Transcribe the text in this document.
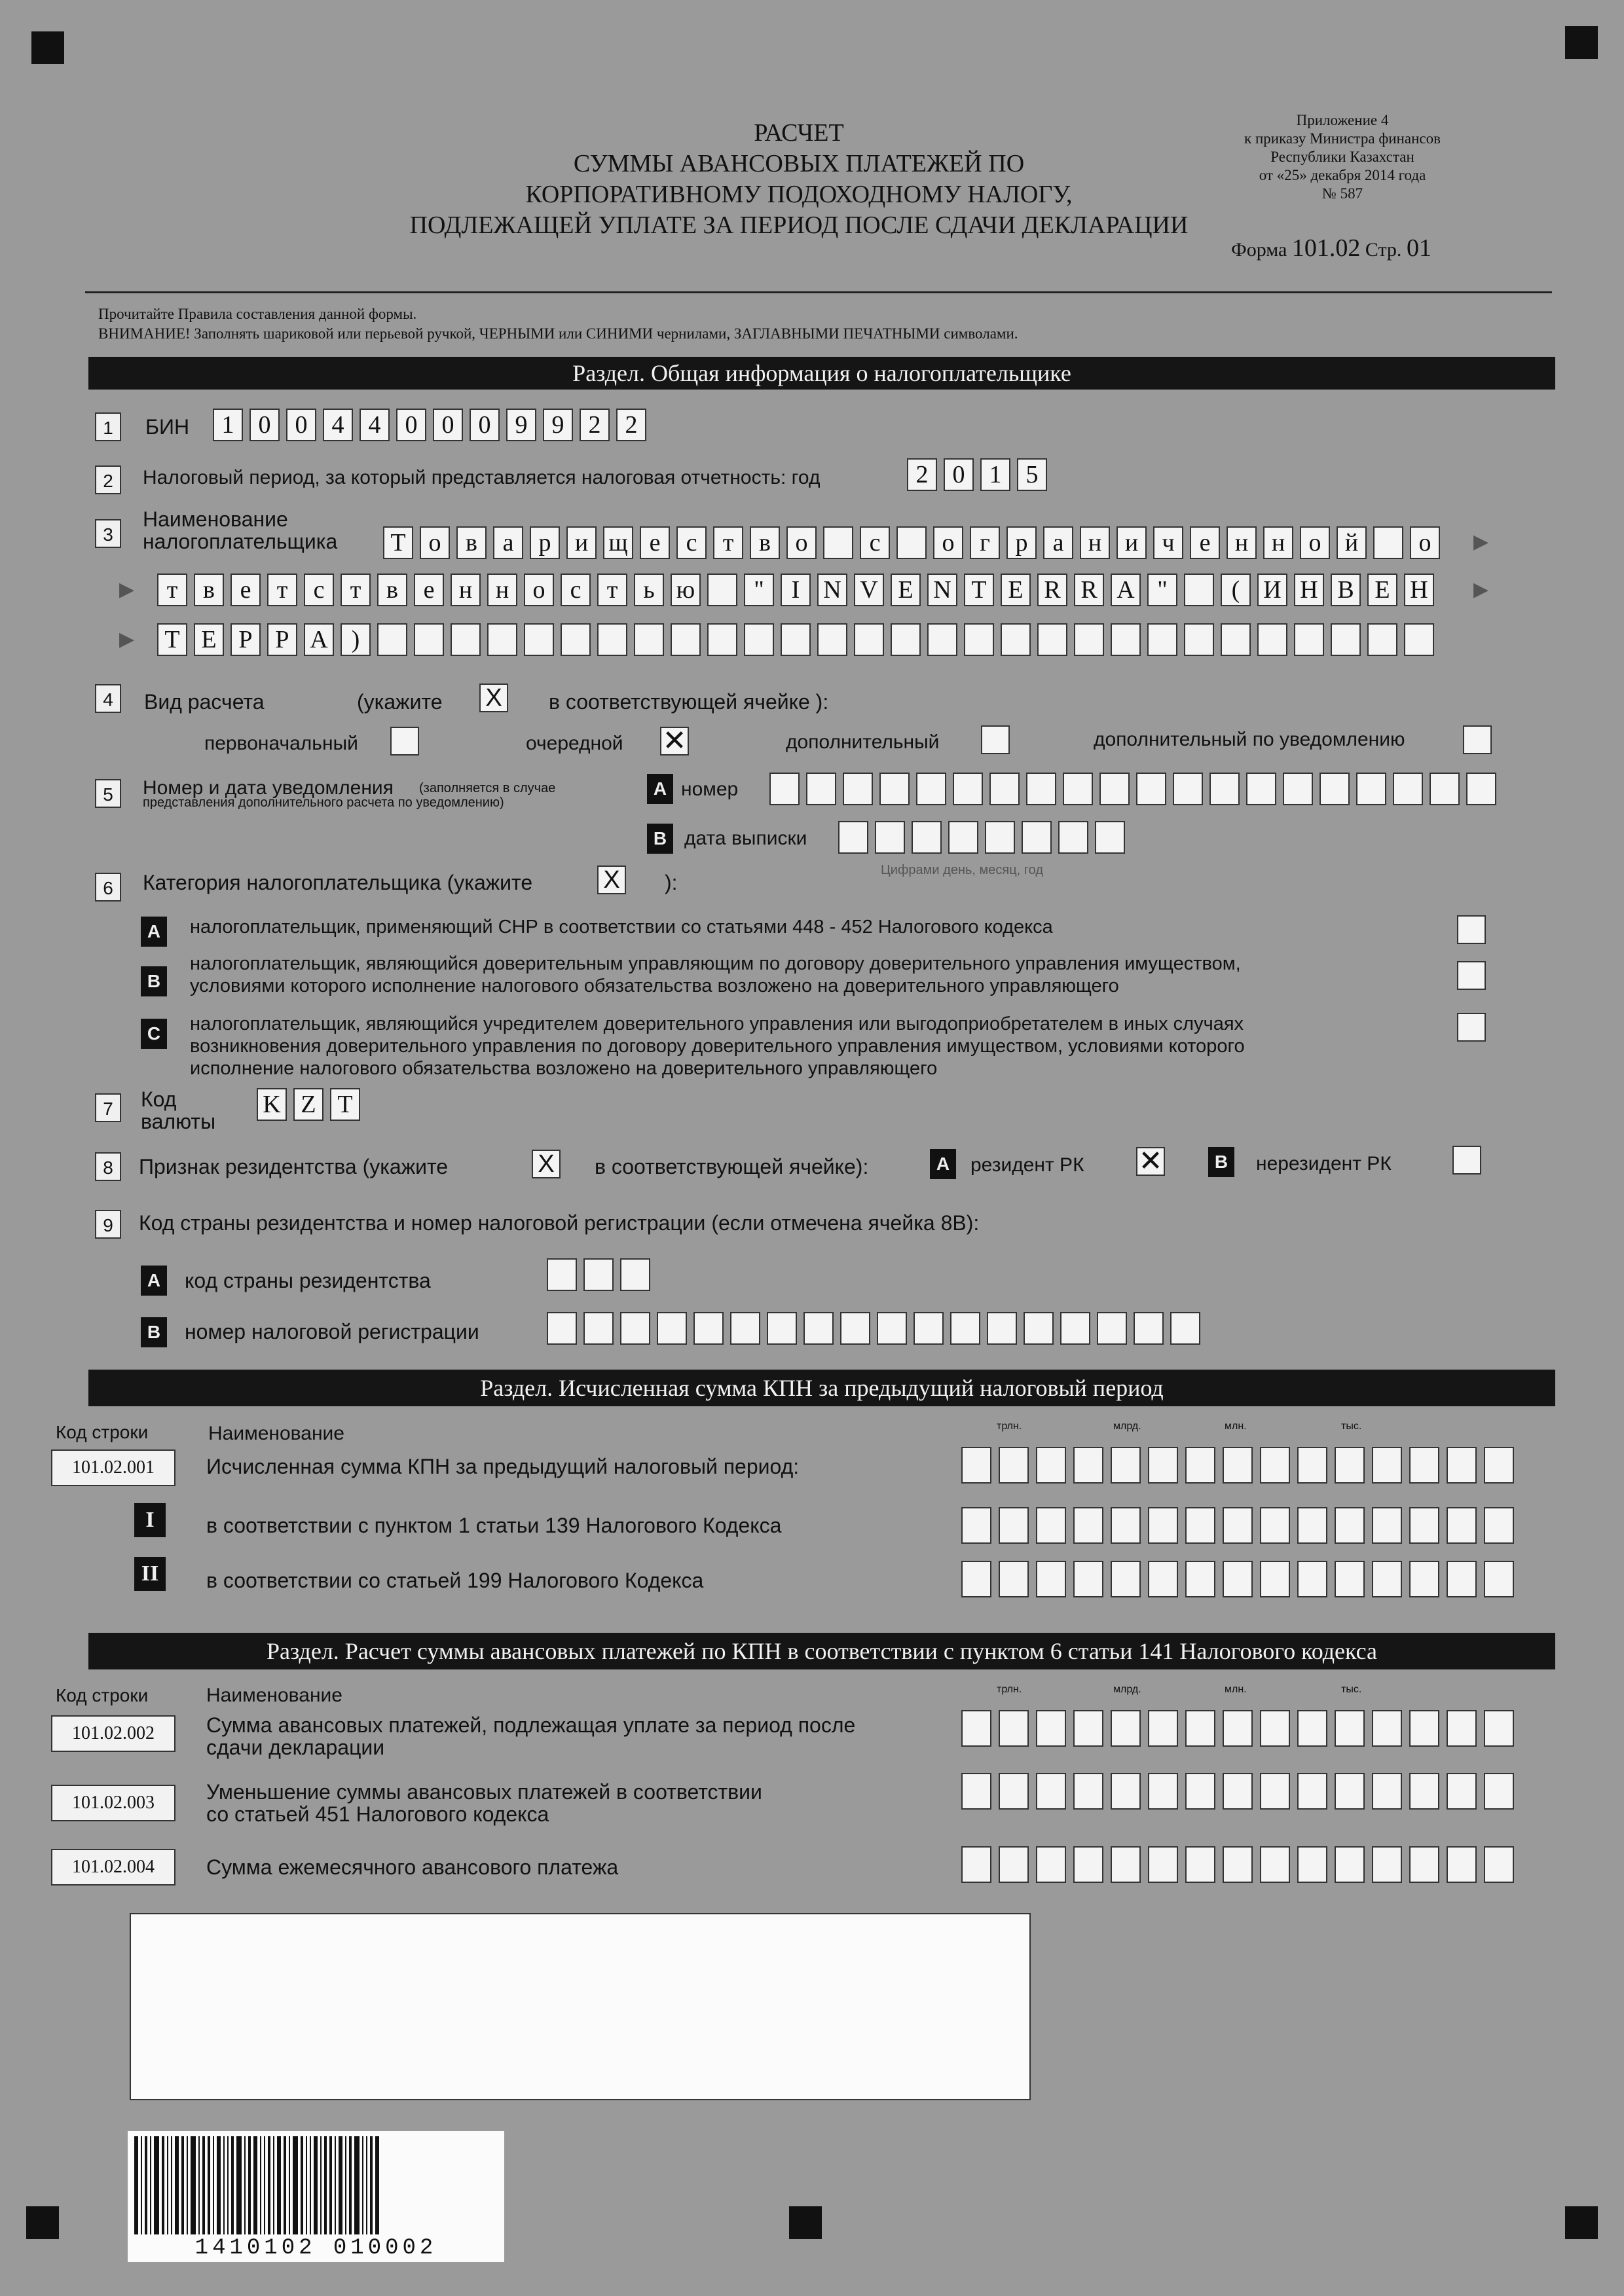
РАСЧЕТ
СУММЫ АВАНСОВЫХ ПЛАТЕЖЕЙ ПО
КОРПОРАТИВНОМУ ПОДОХОДНОМУ НАЛОГУ,
ПОДЛЕЖАЩЕЙ УПЛАТЕ ЗА ПЕРИОД ПОСЛЕ СДАЧИ ДЕКЛАРАЦИИ
Приложение 4
к приказу Министра финансов
Республики Казахстан
от «25» декабря 2014 года
№ 587
Форма 101.02 Стр. 01
Прочитайте Правила составления данной формы.
ВНИМАНИЕ! Заполнять шариковой или перьевой ручкой, ЧЕРНЫМИ или СИНИМИ чернилами, ЗАГЛАВНЫМИ ПЕЧАТНЫМИ символами.
Раздел. Общая информация о налогоплательщике
1	БИН	1 0 0 4 4 0 0 0 9 9 2 2
2	Налоговый период, за который представляется налоговая отчетность: год	2 0 1 5
3
Наименование
налогоплательщика Т о в	а	р и щ е	с	т	в о	с	о	г	р	а н и ч	е н н о й	о	▶
▶	т	в	е	т	с	т	в	е н н о	с	т	ь ю	"	I N V E N T E R R A "	( И Н В Е Н	▶
▶ Т Е Р Р А )
4	Вид расчета	(укажите X в соответствующей ячейке ):
первоначальный	очередной ✕	дополнительный	дополнительный по уведомлению
5	Номер и дата уведомления (заполняется в случае
представления дополнительного расчета по уведомлению)
A номер
B дата выписки
Цифрами день, месяц, год
6	Категория налогоплательщика (укажите	X ):
A	налогоплательщик, применяющий СНР в соответствии со статьями 448 - 452 Налогового кодекса
B
налогоплательщик, являющийся доверительным управляющим по договору доверительного управления имуществом,
условиями которого исполнение налогового обязательства возложено на доверительного управляющего
C	налогоплательщик, являющийся учредителем доверительного управления или выгодоприобретателем в иных случаях
возникновения доверительного управления по договору доверительного управления имуществом, условиями которого
исполнение налогового обязательства возложено на доверительного управляющего
7	Код
валюты
K Z T
8	Признак резидентства (укажите	X в соответствующей ячейке):	A	резидент РК ✕	B	нерезидент РК
9	Код страны резидентства и номер налоговой регистрации (если отмечена ячейка 8В):
A	код страны резидентства
B	номер налоговой регистрации
Раздел. Исчисленная сумма КПН за предыдущий налоговый период
Код строки	Наименование	трлн.	млрд.	млн.	тыс.
101.02.001	Исчисленная сумма КПН за предыдущий налоговый период:
I	в соответствии с пунктом 1 статьи 139 Налогового Кодекса
II	в соответствии со статьей 199 Налогового Кодекса
Раздел. Расчет суммы авансовых платежей по КПН в соответствии с пунктом 6 статьи 141 Налогового кодекса
Код строки	Наименование	трлн.	млрд.	млн.	тыс.
101.02.002	Сумма авансовых платежей, подлежащая уплате за период после
сдачи декларации
101.02.003	Уменьшение суммы авансовых платежей в соответствии
со статьей 451 Налогового кодекса
101.02.004	Сумма ежемесячного авансового платежа
1410102 010002
